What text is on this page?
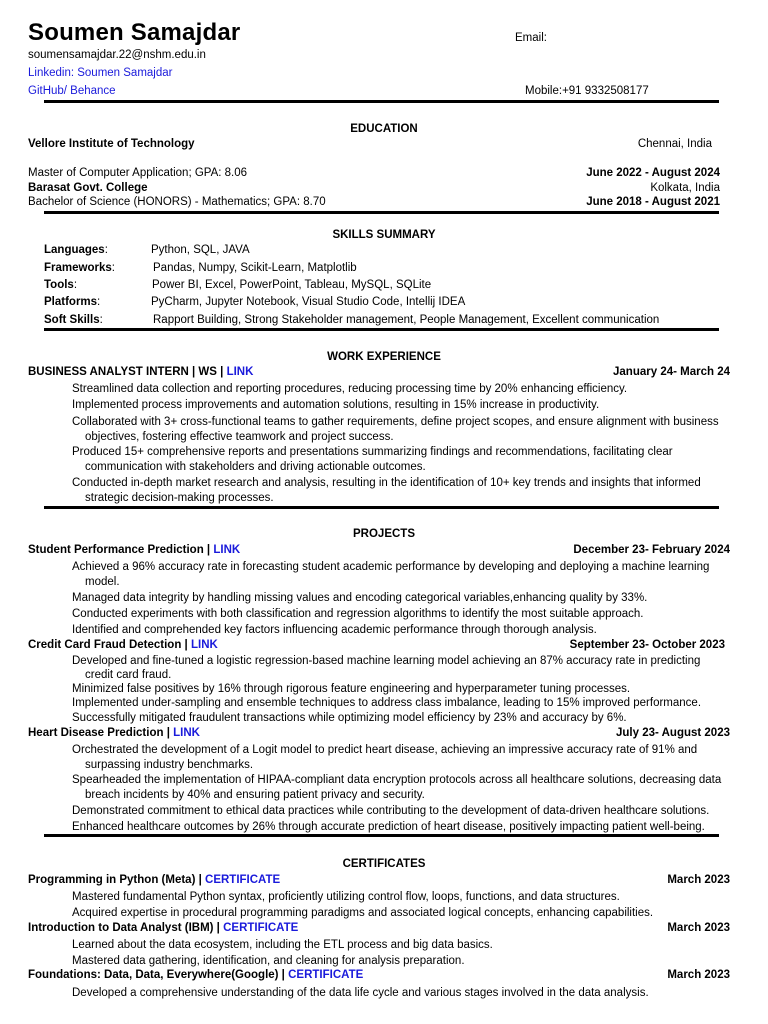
Soumen Samajdar	Email:
soumensamajdar.22@nshm.edu.in
Linkedin: Soumen Samajdar
GitHub/ Behance	Mobile:+91 9332508177
EDUCATION
Vellore Institute of Technology	Chennai, India
Master of Computer Application; GPA: 8.06	June 2022 - August 2024
Barasat Govt. College	Kolkata, India
Bachelor of Science (HONORS) - Mathematics; GPA: 8.70	June 2018 - August 2021
SKILLS SUMMARY
Languages:	Python, SQL, JAVA
Frameworks:	Pandas, Numpy, Scikit-Learn, Matplotlib
Tools:	Power BI, Excel, PowerPoint, Tableau, MySQL, SQLite
Platforms:	PyCharm, Jupyter Notebook, Visual Studio Code, Intellij IDEA
Soft Skills:	Rapport Building, Strong Stakeholder management, People Management, Excellent communication
WORK EXPERIENCE
BUSINESS ANALYST INTERN | WS | LINK	January 24- March 24
Streamlined data collection and reporting procedures, reducing processing time by 20% enhancing efficiency.
Implemented process improvements and automation solutions, resulting in 15% increase in productivity.
Collaborated with 3+ cross-functional teams to gather requirements, define project scopes, and ensure alignment with business
objectives, fostering effective teamwork and project success.
Produced 15+ comprehensive reports and presentations summarizing findings and recommendations, facilitating clear
communication with stakeholders and driving actionable outcomes.
Conducted in-depth market research and analysis, resulting in the identification of 10+ key trends and insights that informed
strategic decision-making processes.
PROJECTS
Student Performance Prediction | LINK	December 23- February 2024
Achieved a 96% accuracy rate in forecasting student academic performance by developing and deploying a machine learning
model.
Managed data integrity by handling missing values and encoding categorical variables,enhancing quality by 33%.
Conducted experiments with both classification and regression algorithms to identify the most suitable approach.
Identified and comprehended key factors influencing academic performance through thorough analysis.
Credit Card Fraud Detection | LINK	September 23- October 2023
Developed and fine-tuned a logistic regression-based machine learning model achieving an 87% accuracy rate in predicting
credit card fraud.
Minimized false positives by 16% through rigorous feature engineering and hyperparameter tuning processes.
Implemented under-sampling and ensemble techniques to address class imbalance, leading to 15% improved performance.
Successfully mitigated fraudulent transactions while optimizing model efficiency by 23% and accuracy by 6%.
Heart Disease Prediction | LINK	July 23- August 2023
Orchestrated the development of a Logit model to predict heart disease, achieving an impressive accuracy rate of 91% and
surpassing industry benchmarks.
Spearheaded the implementation of HIPAA-compliant data encryption protocols across all healthcare solutions, decreasing data
breach incidents by 40% and ensuring patient privacy and security.
Demonstrated commitment to ethical data practices while contributing to the development of data-driven healthcare solutions.
Enhanced healthcare outcomes by 26% through accurate prediction of heart disease, positively impacting patient well-being.
CERTIFICATES
Programming in Python (Meta) | CERTIFICATE	March 2023
Mastered fundamental Python syntax, proficiently utilizing control flow, loops, functions, and data structures.
Acquired expertise in procedural programming paradigms and associated logical concepts, enhancing capabilities.
Introduction to Data Analyst (IBM) | CERTIFICATE	March 2023
Learned about the data ecosystem, including the ETL process and big data basics.
Mastered data gathering, identification, and cleaning for analysis preparation.
Foundations: Data, Data, Everywhere(Google) | CERTIFICATE	March 2023
Developed a comprehensive understanding of the data life cycle and various stages involved in the data analysis.
